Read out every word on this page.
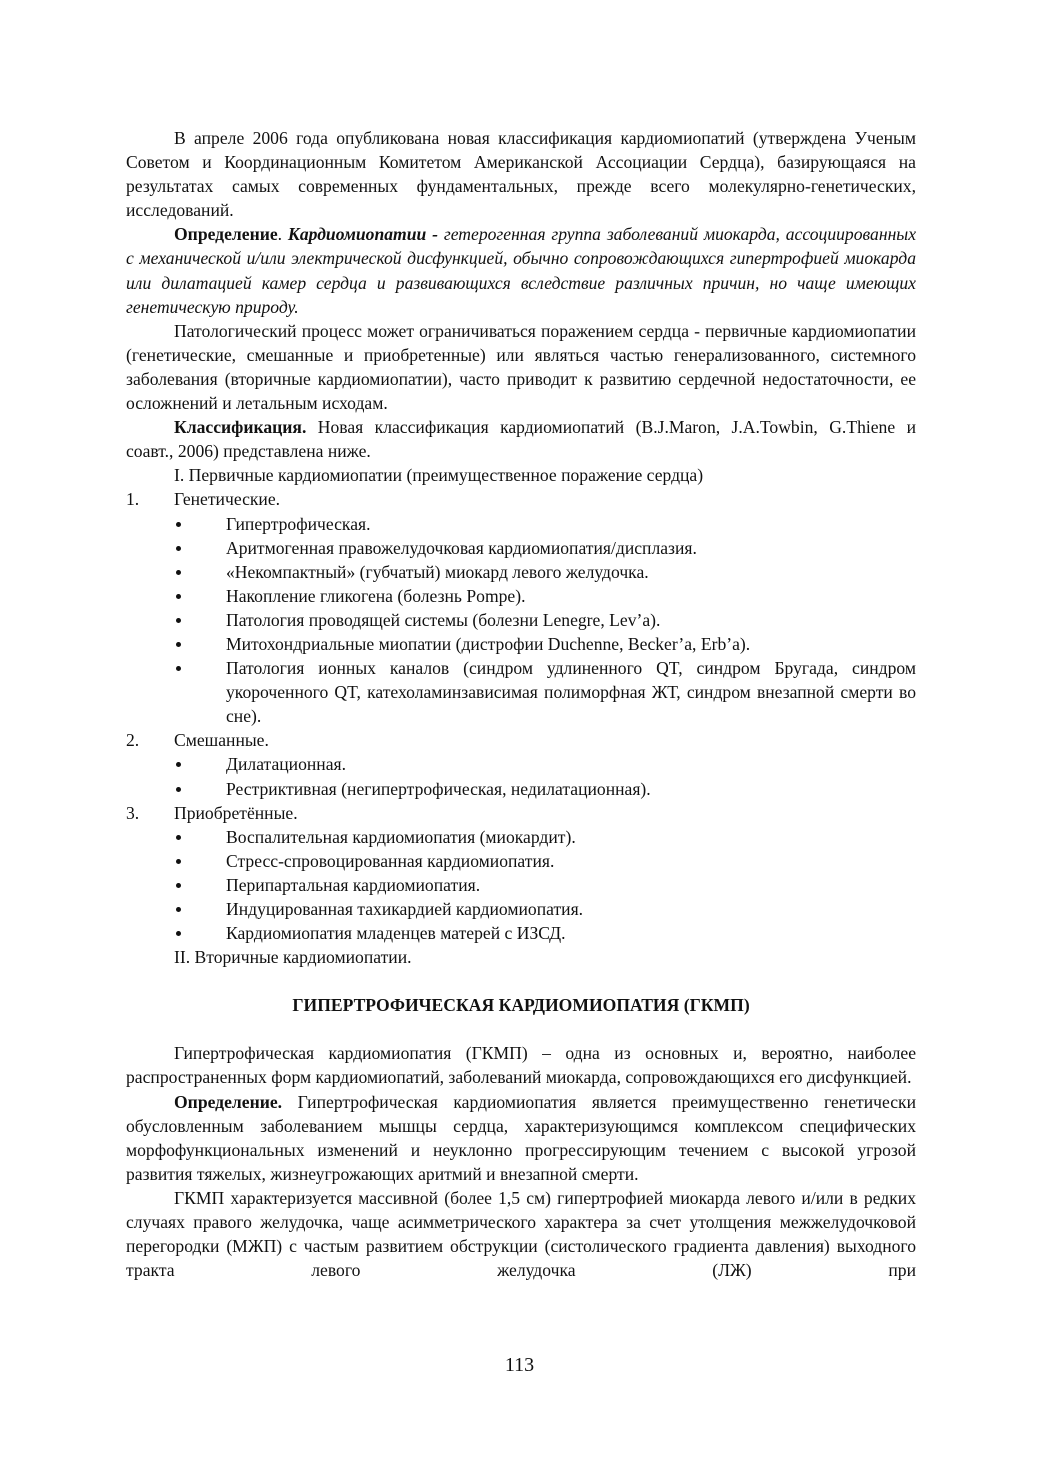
В апреле 2006 года опубликована новая классификация кардиомиопатий (утверждена Ученым Советом и Координационным Комитетом Американской Ассоциации Сердца), базирующаяся на результатах самых современных фундаментальных, прежде всего молекулярно-генетических, исследований.

Определение. Кардиомиопатии - гетерогенная группа заболеваний миокарда, ассоциированных с механической и/или электрической дисфункцией, обычно сопровождающихся гипертрофией миокарда или дилатацией камер сердца и развивающихся вследствие различных причин, но чаще имеющих генетическую природу.

Патологический процесс может ограничиваться поражением сердца - первичные кардиомиопатии (генетические, смешанные и приобретенные) или являться частью генерализованного, системного заболевания (вторичные кардиомиопатии), часто приводит к развитию сердечной недостаточности, ее осложнений и летальным исходам.

Классификация. Новая классификация кардиомиопатий (B.J.Maron, J.A.Towbin, G.Thiene и соавт., 2006) представлена ниже.

I. Первичные кардиомиопатии (преимущественное поражение сердца)

1.	Генетические.
Гипертрофическая.
Аритмогенная правожелудочковая кардиомиопатия/дисплазия.
«Некомпактный» (губчатый) миокард левого желудочка.
Накопление гликогена (болезнь Pompe).
Патология проводящей системы (болезни Lenegre, Lev’a).
Митохондриальные миопатии (дистрофии Duchenne, Becker’a, Erb’a).
Патология ионных каналов (синдром удлиненного QT, синдром Бругада, синдром укороченного QT, катехоламинзависимая полиморфная ЖТ, синдром внезапной смерти во сне).
2.	Смешанные.
Дилатационная.
Рестриктивная (негипертрофическая, недилатационная).
3.	Приобретённые.
Воспалительная кардиомиопатия (миокардит).
Стресс-спровоцированная кардиомиопатия.
Перипартальная кардиомиопатия.
Индуцированная тахикардией кардиомиопатия.
Кардиомиопатия младенцев матерей с ИЗСД.

II. Вторичные кардиомиопатии.

ГИПЕРТРОФИЧЕСКАЯ КАРДИОМИОПАТИЯ (ГКМП)

Гипертрофическая кардиомиопатия (ГКМП) – одна из основных и, вероятно, наиболее распространенных форм кардиомиопатий, заболеваний миокарда, сопровождающихся его дисфункцией.

Определение. Гипертрофическая кардиомиопатия является преимущественно генетически обусловленным заболеванием мышцы сердца, характеризующимся комплексом специфических морфофункциональных изменений и неуклонно прогрессирующим течением с высокой угрозой развития тяжелых, жизнеугрожающих аритмий и внезапной смерти.

ГКМП характеризуется массивной (более 1,5 см) гипертрофией миокарда левого и/или в редких случаях правого желудочка, чаще асимметрического характера за счет утолщения межжелудочковой перегородки (МЖП) с частым развитием обструкции (систолического градиента давления) выходного тракта левого желудочка (ЛЖ) при

113
